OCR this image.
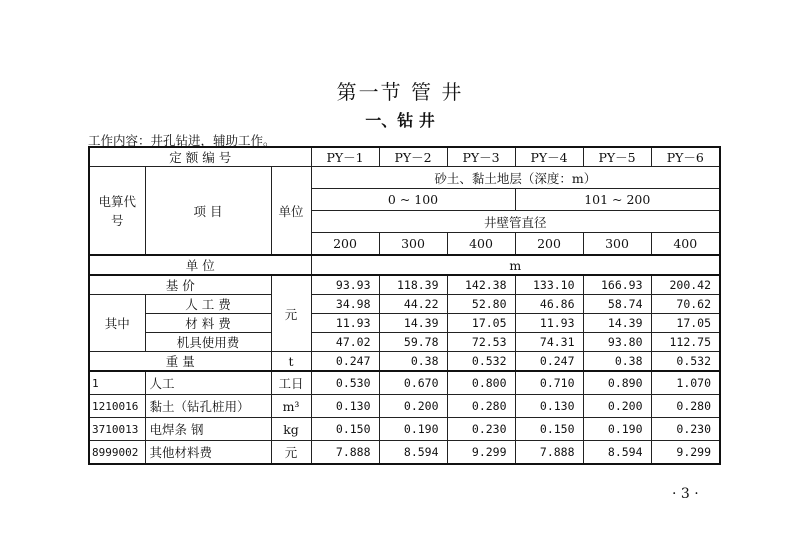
第一节 管 井
一、钻 井
工作内容：井孔钻进，辅助工作。
定 额 编 号			PY－1	PY－2	PY－3	PY－4	PY－5	PY－6
电算代号	项 目	单位	砂土、黏土地层（深度：m）					
			0 ~ 100			101 ~ 200		
			井壁管直径					
			200	300	400	200	300	400
单 位			m					
基 价		元	93.93	118.39	142.38	133.10	166.93	200.42
其中	人 工 费		34.98	44.22	52.80	46.86	58.74	70.62
	材 料 费		11.93	14.39	17.05	11.93	14.39	17.05
	机具使用费		47.02	59.78	72.53	74.31	93.80	112.75
重 量		t	0.247	0.38	0.532	0.247	0.38	0.532
1	人工	工日	0.530	0.670	0.800	0.710	0.890	1.070
1210016	黏土（钻孔桩用）	m³	0.130	0.200	0.280	0.130	0.200	0.280
3710013	电焊条 钢	kg	0.150	0.190	0.230	0.150	0.190	0.230
8999002	其他材料费	元	7.888	8.594	9.299	7.888	8.594	9.299
· 3 ·
